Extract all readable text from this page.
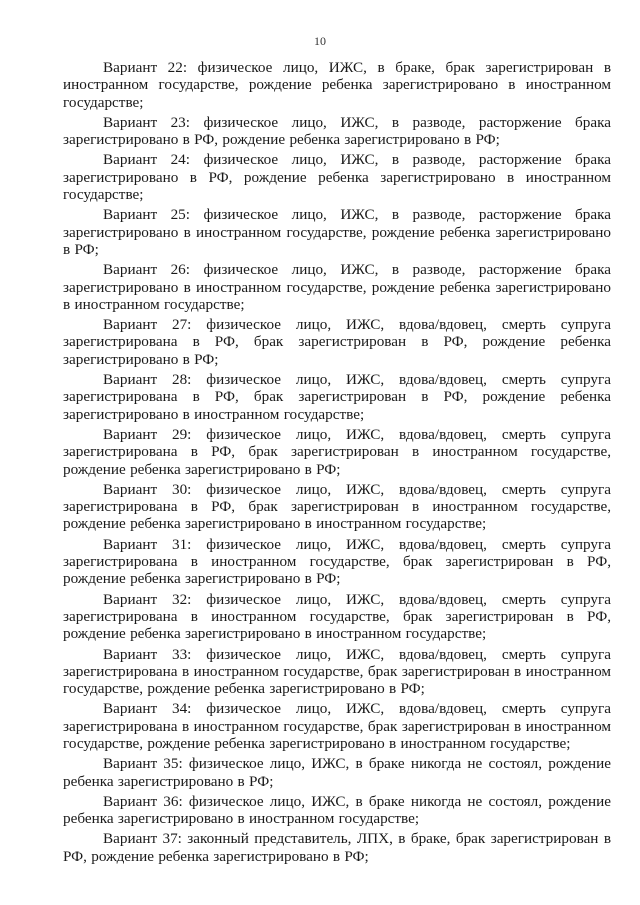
10

Вариант 22: физическое лицо, ИЖС, в браке, брак зарегистрирован в иностранном государстве, рождение ребенка зарегистрировано в иностранном государстве;

Вариант 23: физическое лицо, ИЖС, в разводе, расторжение брака зарегистрировано в РФ, рождение ребенка зарегистрировано в РФ;

Вариант 24: физическое лицо, ИЖС, в разводе, расторжение брака зарегистрировано в РФ, рождение ребенка зарегистрировано в иностранном государстве;

Вариант 25: физическое лицо, ИЖС, в разводе, расторжение брака зарегистрировано в иностранном государстве, рождение ребенка зарегистрировано в РФ;

Вариант 26: физическое лицо, ИЖС, в разводе, расторжение брака зарегистрировано в иностранном государстве, рождение ребенка зарегистрировано в иностранном государстве;

Вариант 27: физическое лицо, ИЖС, вдова/вдовец, смерть супруга зарегистрирована в РФ, брак зарегистрирован в РФ, рождение ребенка зарегистрировано в РФ;

Вариант 28: физическое лицо, ИЖС, вдова/вдовец, смерть супруга зарегистрирована в РФ, брак зарегистрирован в РФ, рождение ребенка зарегистрировано в иностранном государстве;

Вариант 29: физическое лицо, ИЖС, вдова/вдовец, смерть супруга зарегистрирована в РФ, брак зарегистрирован в иностранном государстве, рождение ребенка зарегистрировано в РФ;

Вариант 30: физическое лицо, ИЖС, вдова/вдовец, смерть супруга зарегистрирована в РФ, брак зарегистрирован в иностранном государстве, рождение ребенка зарегистрировано в иностранном государстве;

Вариант 31: физическое лицо, ИЖС, вдова/вдовец, смерть супруга зарегистрирована в иностранном государстве, брак зарегистрирован в РФ, рождение ребенка зарегистрировано в РФ;

Вариант 32: физическое лицо, ИЖС, вдова/вдовец, смерть супруга зарегистрирована в иностранном государстве, брак зарегистрирован в РФ, рождение ребенка зарегистрировано в иностранном государстве;

Вариант 33: физическое лицо, ИЖС, вдова/вдовец, смерть супруга зарегистрирована в иностранном государстве, брак зарегистрирован в иностранном государстве, рождение ребенка зарегистрировано в РФ;

Вариант 34: физическое лицо, ИЖС, вдова/вдовец, смерть супруга зарегистрирована в иностранном государстве, брак зарегистрирован в иностранном государстве, рождение ребенка зарегистрировано в иностранном государстве;

Вариант 35: физическое лицо, ИЖС, в браке никогда не состоял, рождение ребенка зарегистрировано в РФ;

Вариант 36: физическое лицо, ИЖС, в браке никогда не состоял, рождение ребенка зарегистрировано в иностранном государстве;

Вариант 37: законный представитель, ЛПХ, в браке, брак зарегистрирован в РФ, рождение ребенка зарегистрировано в РФ;
